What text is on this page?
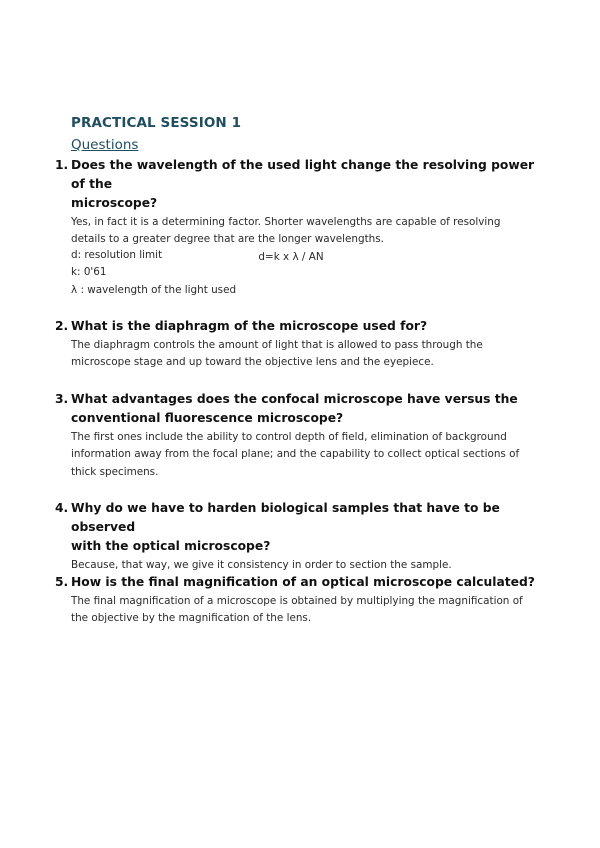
PRACTICAL SESSION 1
Questions
1. Does the wavelength of the used light change the resolving power of the
microscope?
Yes, in fact it is a determining factor. Shorter wavelengths are capable of resolving
details to a greater degree that are the longer wavelengths.
d=k x λ / AN
d: resolution limit
k: 0'61
λ : wavelength of the light used
2. What is the diaphragm of the microscope used for?
The diaphragm controls the amount of light that is allowed to pass through the
microscope stage and up toward the objective lens and the eyepiece.
3. What advantages does the confocal microscope have versus the
conventional fluorescence microscope?
The first ones include the ability to control depth of field, elimination of background
information away from the focal plane; and the capability to collect optical sections of
thick specimens.
4. Why do we have to harden biological samples that have to be observed
with the optical microscope?
Because, that way, we give it consistency in order to section the sample.
5. How is the final magnification of an optical microscope calculated?
The final magnification of a microscope is obtained by multiplying the magnification of
the objective by the magnification of the lens.
